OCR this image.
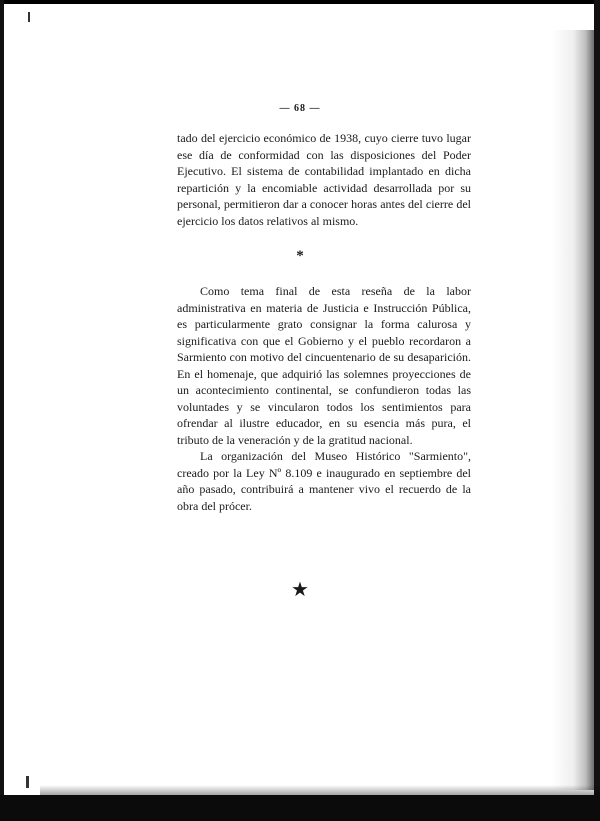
— 68 —

tado del ejercicio económico de 1938, cuyo cierre tuvo lugar ese día de conformidad con las disposiciones del Poder Ejecutivo. El sistema de contabilidad implantado en dicha repartición y la encomiable actividad desarrollada por su personal, permitieron dar a conocer horas antes del cierre del ejercicio los datos relativos al mismo.

*

Como tema final de esta reseña de la labor administrativa en materia de Justicia e Instrucción Pública, es particularmente grato consignar la forma calurosa y significativa con que el Gobierno y el pueblo recordaron a Sarmiento con motivo del cincuentenario de su desaparición. En el homenaje, que adquirió las solemnes proyecciones de un acontecimiento continental, se confundieron todas las voluntades y se vincularon todos los sentimientos para ofrendar al ilustre educador, en su esencia más pura, el tributo de la veneración y de la gratitud nacional.

La organización del Museo Histórico "Sarmiento", creado por la Ley Nº 8.109 e inaugurado en septiembre del año pasado, contribuirá a mantener vivo el recuerdo de la obra del prócer.

★
